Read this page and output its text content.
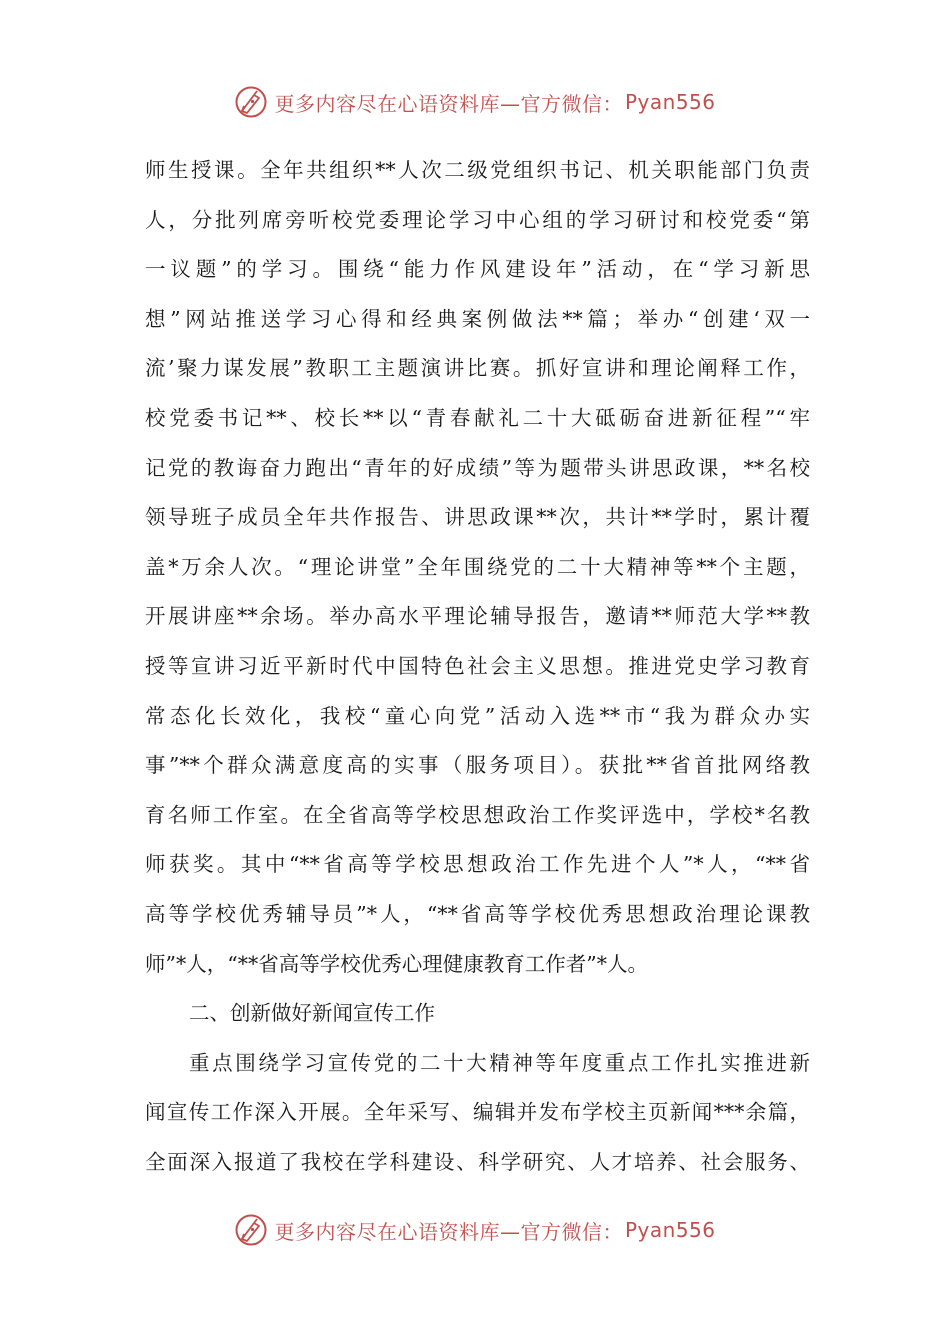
更多内容尽在心语资料库—官方微信： Pyan556
师生授课。全年共组织**人次二级党组织书记、机关职能部门负责
人，分批列席旁听校党委理论学习中心组的学习研讨和校党委“第
一议题”的学习。围绕“能力作风建设年”活动，在“学习新思
想”网站推送学习心得和经典案例做法**篇；举办“创建‘双一
流’聚力谋发展”教职工主题演讲比赛。抓好宣讲和理论阐释工作，
校党委书记**、校长**以“青春献礼二十大砥砺奋进新征程”“牢
记党的教诲奋力跑出“青年的好成绩”等为题带头讲思政课，**名校
领导班子成员全年共作报告、讲思政课**次，共计**学时，累计覆
盖*万余人次。“理论讲堂”全年围绕党的二十大精神等**个主题，
开展讲座**余场。举办高水平理论辅导报告，邀请**师范大学**教
授等宣讲习近平新时代中国特色社会主义思想。推进党史学习教育
常态化长效化，我校“童心向党”活动入选**市“我为群众办实
事”**个群众满意度高的实事（服务项目）。获批**省首批网络教
育名师工作室。在全省高等学校思想政治工作奖评选中，学校*名教
师获奖。其中“**省高等学校思想政治工作先进个人”*人，“**省
高等学校优秀辅导员”*人，“**省高等学校优秀思想政治理论课教
师”*人，“**省高等学校优秀心理健康教育工作者”*人。
二、创新做好新闻宣传工作
重点围绕学习宣传党的二十大精神等年度重点工作扎实推进新
闻宣传工作深入开展。全年采写、编辑并发布学校主页新闻***余篇，
全面深入报道了我校在学科建设、科学研究、人才培养、社会服务、
更多内容尽在心语资料库—官方微信： Pyan556
